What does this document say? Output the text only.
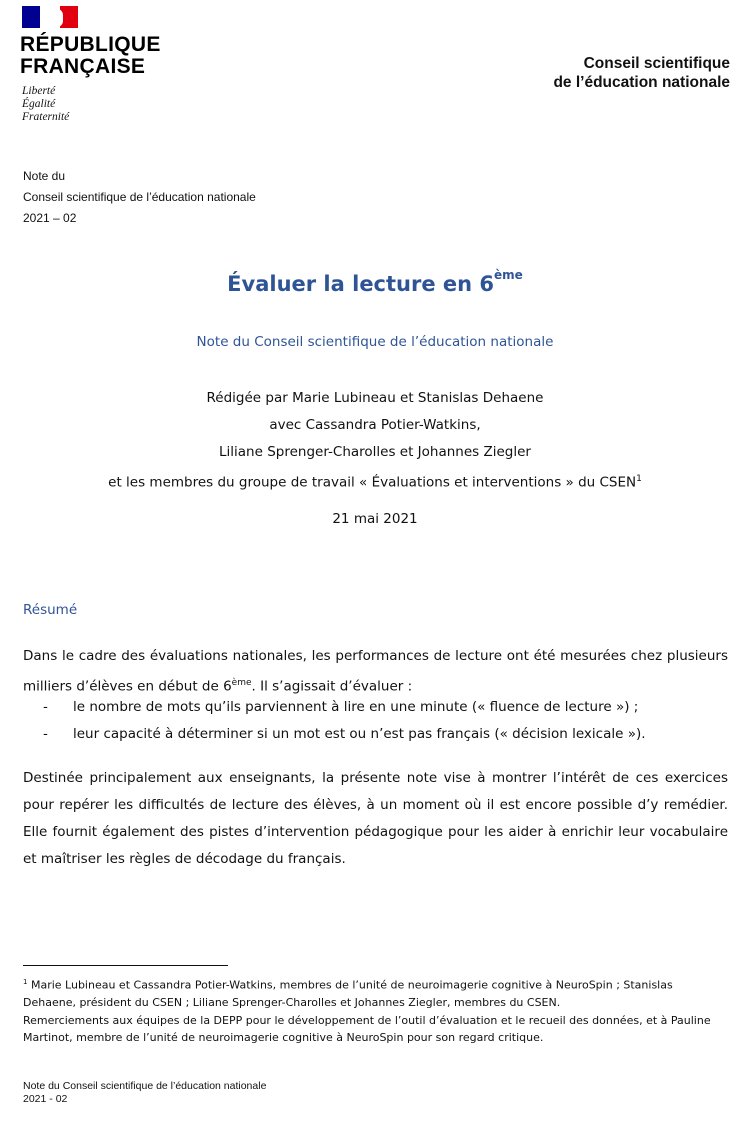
RÉPUBLIQUE
FRANÇAISE
Liberté
Égalité
Fraternité
Conseil scientifique
de l’éducation nationale
Note du
Conseil scientifique de l’éducation nationale
2021 – 02
Évaluer la lecture en 6ème
Note du Conseil scientifique de l’éducation nationale
Rédigée par Marie Lubineau et Stanislas Dehaene
avec Cassandra Potier-Watkins,
Liliane Sprenger-Charolles et Johannes Ziegler
et les membres du groupe de travail « Évaluations et interventions » du CSEN$^1$
21 mai 2021
Résumé
Dans le cadre des évaluations nationales, les performances de lecture ont été mesurées chez plusieurs milliers d’élèves en début de 6ème. Il s’agissait d’évaluer :
-	le nombre de mots qu’ils parviennent à lire en une minute (« fluence de lecture ») ;
-	leur capacité à déterminer si un mot est ou n’est pas français (« décision lexicale »).
Destinée principalement aux enseignants, la présente note vise à montrer l’intérêt de ces exercices pour repérer les difficultés de lecture des élèves, à un moment où il est encore possible d’y remédier. Elle fournit également des pistes d’intervention pédagogique pour les aider à enrichir leur vocabulaire et maîtriser les règles de décodage du français.
$^1$ Marie Lubineau et Cassandra Potier-Watkins, membres de l’unité de neuroimagerie cognitive à NeuroSpin ; Stanislas Dehaene, président du CSEN ; Liliane Sprenger-Charolles et Johannes Ziegler, membres du CSEN.
Remerciements aux équipes de la DEPP pour le développement de l’outil d’évaluation et le recueil des données, et à Pauline Martinot, membre de l’unité de neuroimagerie cognitive à NeuroSpin pour son regard critique.
Note du Conseil scientifique de l’éducation nationale
2021 - 02
